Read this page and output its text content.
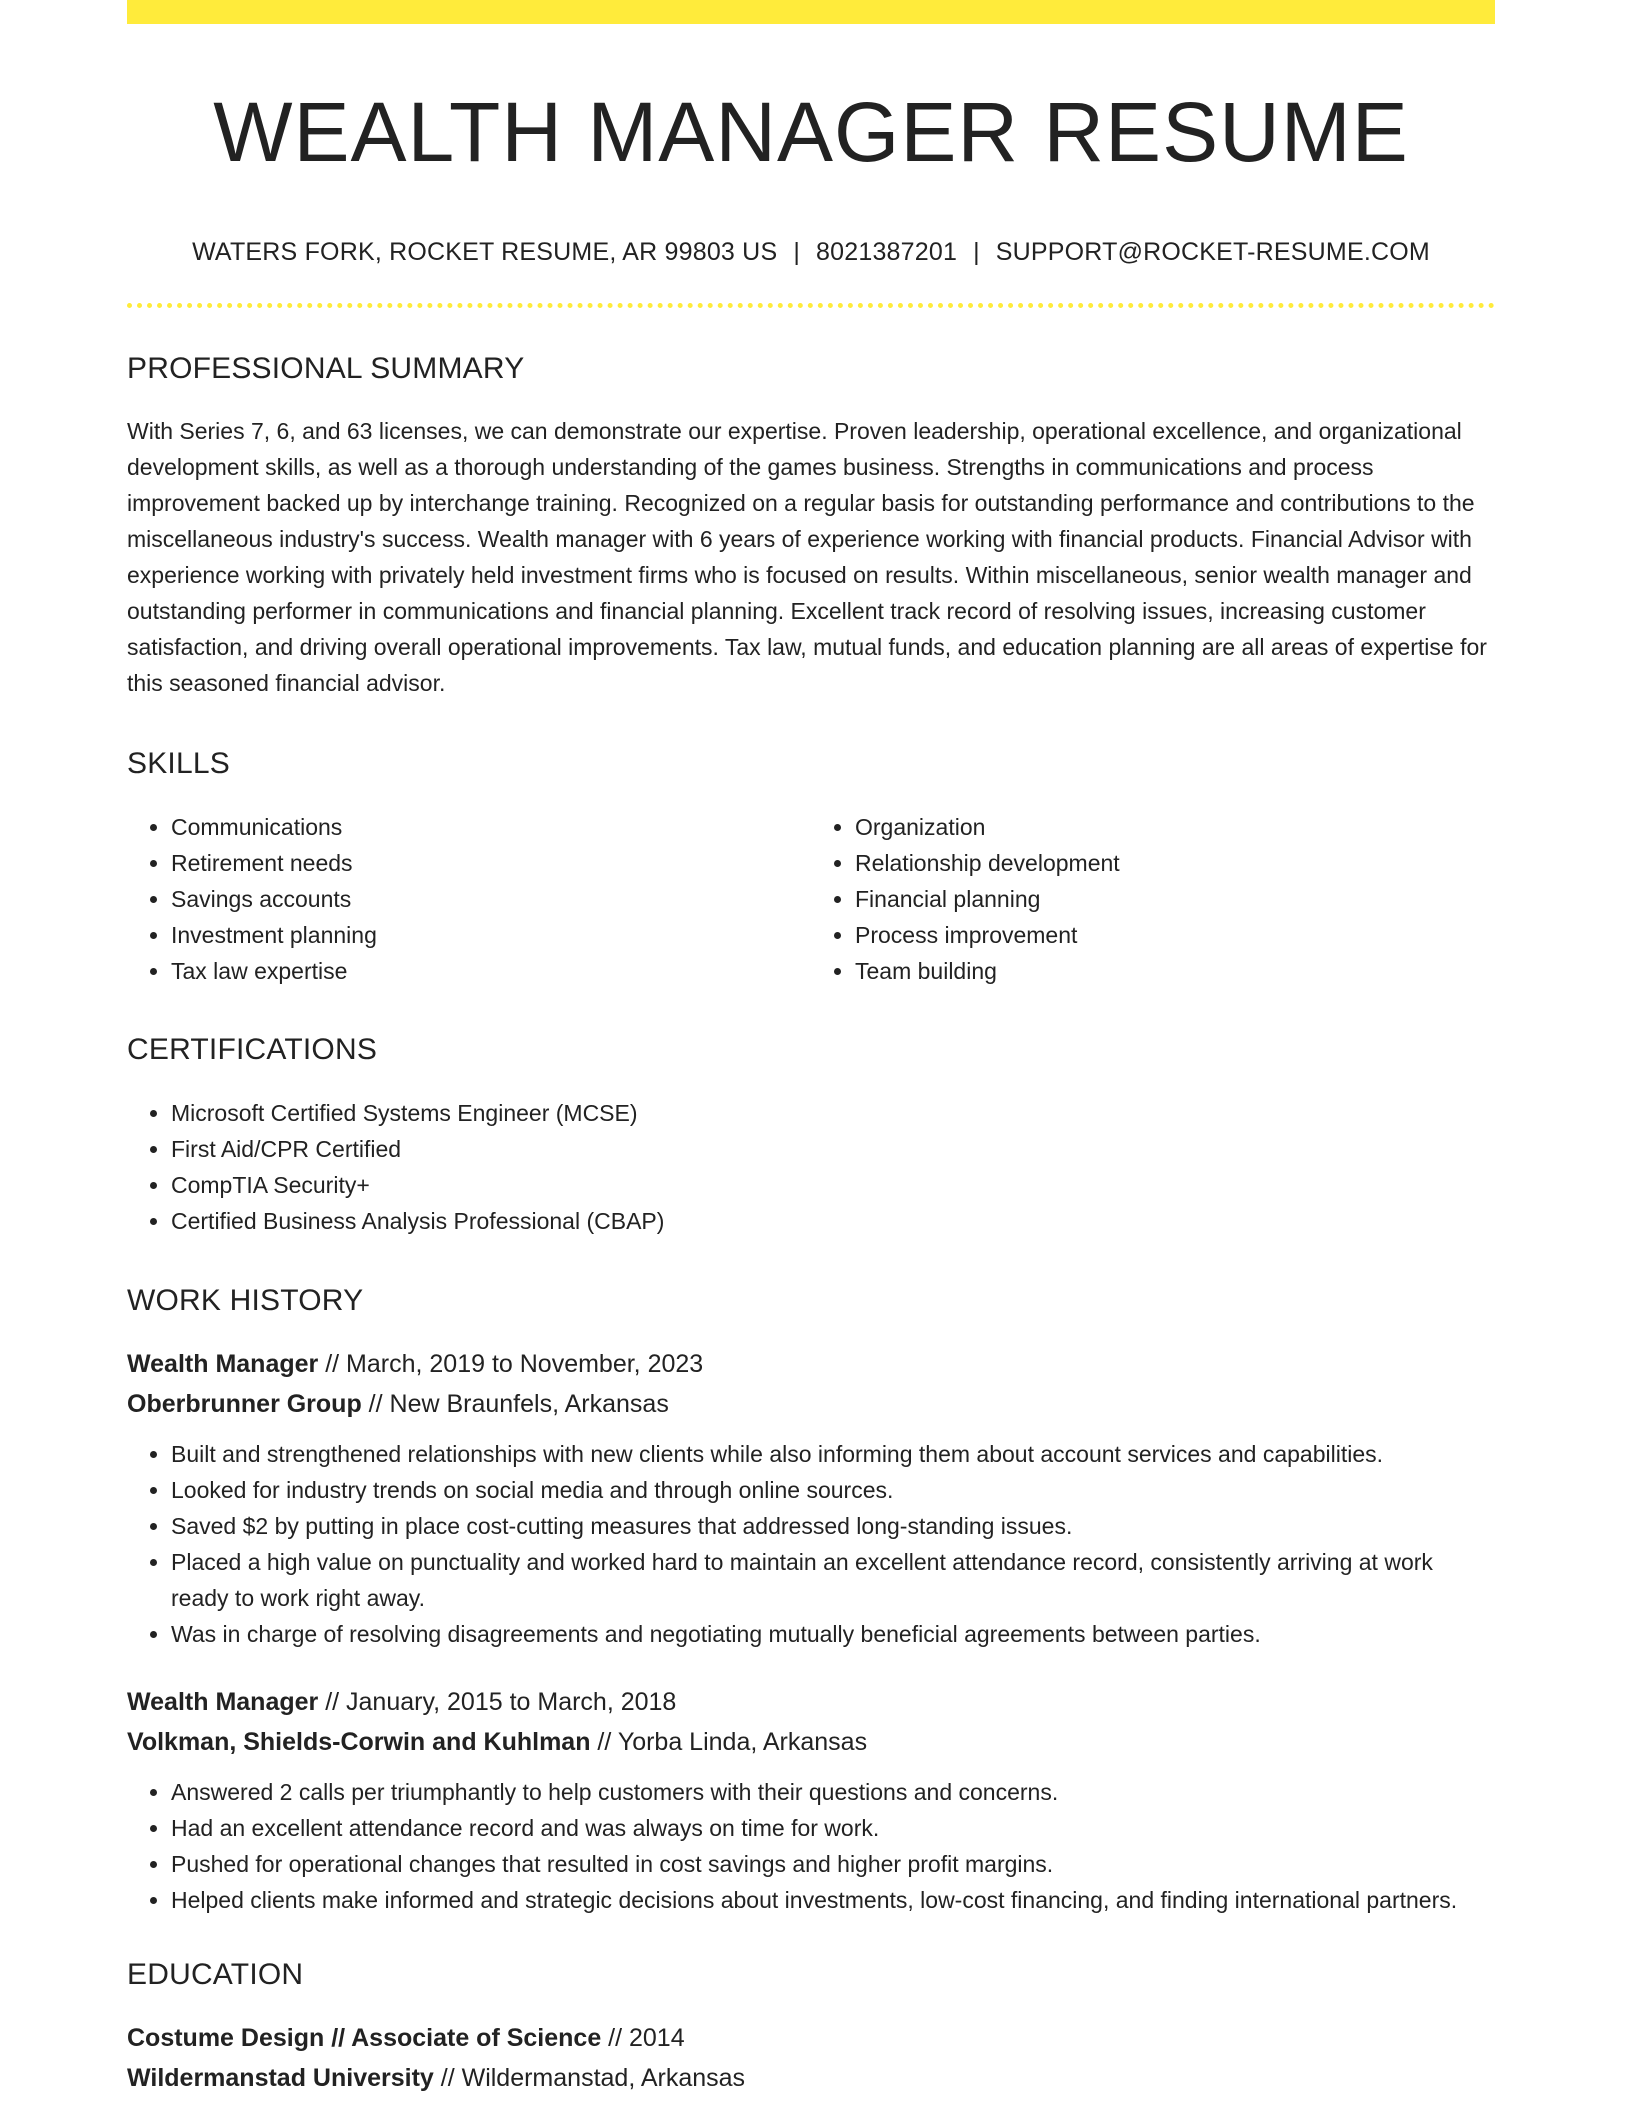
WEALTH MANAGER RESUME
WATERS FORK, ROCKET RESUME, AR 99803 US | 8021387201 | SUPPORT@ROCKET-RESUME.COM
PROFESSIONAL SUMMARY
With Series 7, 6, and 63 licenses, we can demonstrate our expertise. Proven leadership, operational excellence, and organizational development skills, as well as a thorough understanding of the games business. Strengths in communications and process improvement backed up by interchange training. Recognized on a regular basis for outstanding performance and contributions to the miscellaneous industry's success. Wealth manager with 6 years of experience working with financial products. Financial Advisor with experience working with privately held investment firms who is focused on results. Within miscellaneous, senior wealth manager and outstanding performer in communications and financial planning. Excellent track record of resolving issues, increasing customer satisfaction, and driving overall operational improvements. Tax law, mutual funds, and education planning are all areas of expertise for this seasoned financial advisor.
SKILLS
• Communications
• Retirement needs
• Savings accounts
• Investment planning
• Tax law expertise
• Organization
• Relationship development
• Financial planning
• Process improvement
• Team building
CERTIFICATIONS
• Microsoft Certified Systems Engineer (MCSE)
• First Aid/CPR Certified
• CompTIA Security+
• Certified Business Analysis Professional (CBAP)
WORK HISTORY
Wealth Manager // March, 2019 to November, 2023
Oberbrunner Group // New Braunfels, Arkansas
• Built and strengthened relationships with new clients while also informing them about account services and capabilities.
• Looked for industry trends on social media and through online sources.
• Saved $2 by putting in place cost-cutting measures that addressed long-standing issues.
• Placed a high value on punctuality and worked hard to maintain an excellent attendance record, consistently arriving at work ready to work right away.
• Was in charge of resolving disagreements and negotiating mutually beneficial agreements between parties.
Wealth Manager // January, 2015 to March, 2018
Volkman, Shields-Corwin and Kuhlman // Yorba Linda, Arkansas
• Answered 2 calls per triumphantly to help customers with their questions and concerns.
• Had an excellent attendance record and was always on time for work.
• Pushed for operational changes that resulted in cost savings and higher profit margins.
• Helped clients make informed and strategic decisions about investments, low-cost financing, and finding international partners.
EDUCATION
Costume Design // Associate of Science // 2014
Wildermanstad University // Wildermanstad, Arkansas
